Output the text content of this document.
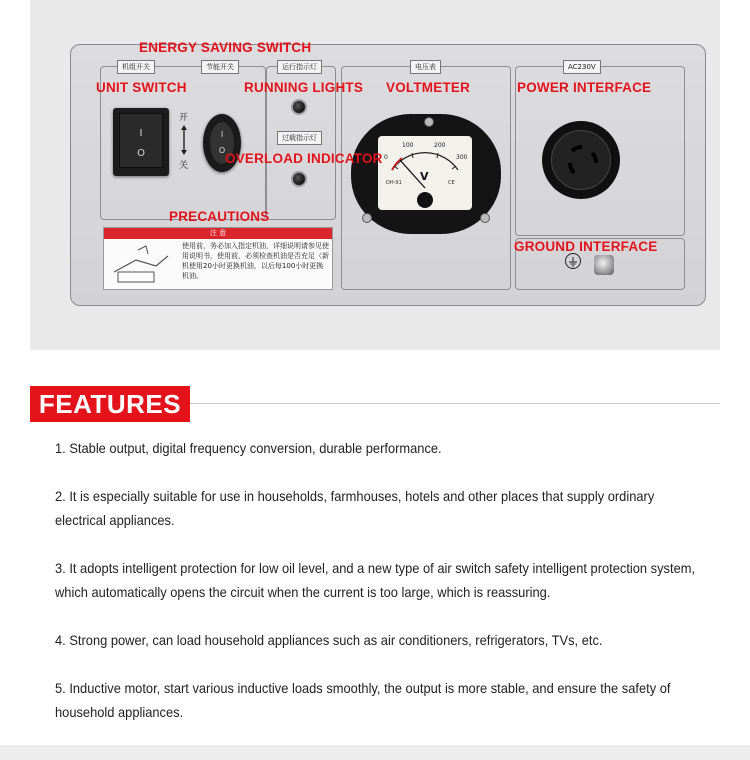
机组开关	节能开关	运行指示灯
过载指示灯
电压表	AC230V
I
O
开
关
I
O
0
100	200
300
V
DH-91	CE
注 意
使用前，务必加入指定机油，详细说明请参见使用说明书，使用前，必须检查机油是否充足（新机使用20小时更换机油，以后每100小时更换机油。
ENERGY SAVING SWITCH
UNIT SWITCH	RUNNING LIGHTS VOLTMETER	POWER INTERFACE
OVERLOAD INDICATOR
PRECAUTIONS
GROUND INTERFACE
FEATURES
1. Stable output, digital frequency conversion, durable performance.
2. It is especially suitable for use in households, farmhouses, hotels and other places that supply ordinary electrical appliances.
3. It adopts intelligent protection for low oil level, and a new type of air switch safety intelligent protection system, which automatically opens the circuit when the current is too large, which is reassuring.
4. Strong power, can load household appliances such as air conditioners, refrigerators, TVs, etc.
5. Inductive motor, start various inductive loads smoothly, the output is more stable, and ensure the safety of household appliances.
